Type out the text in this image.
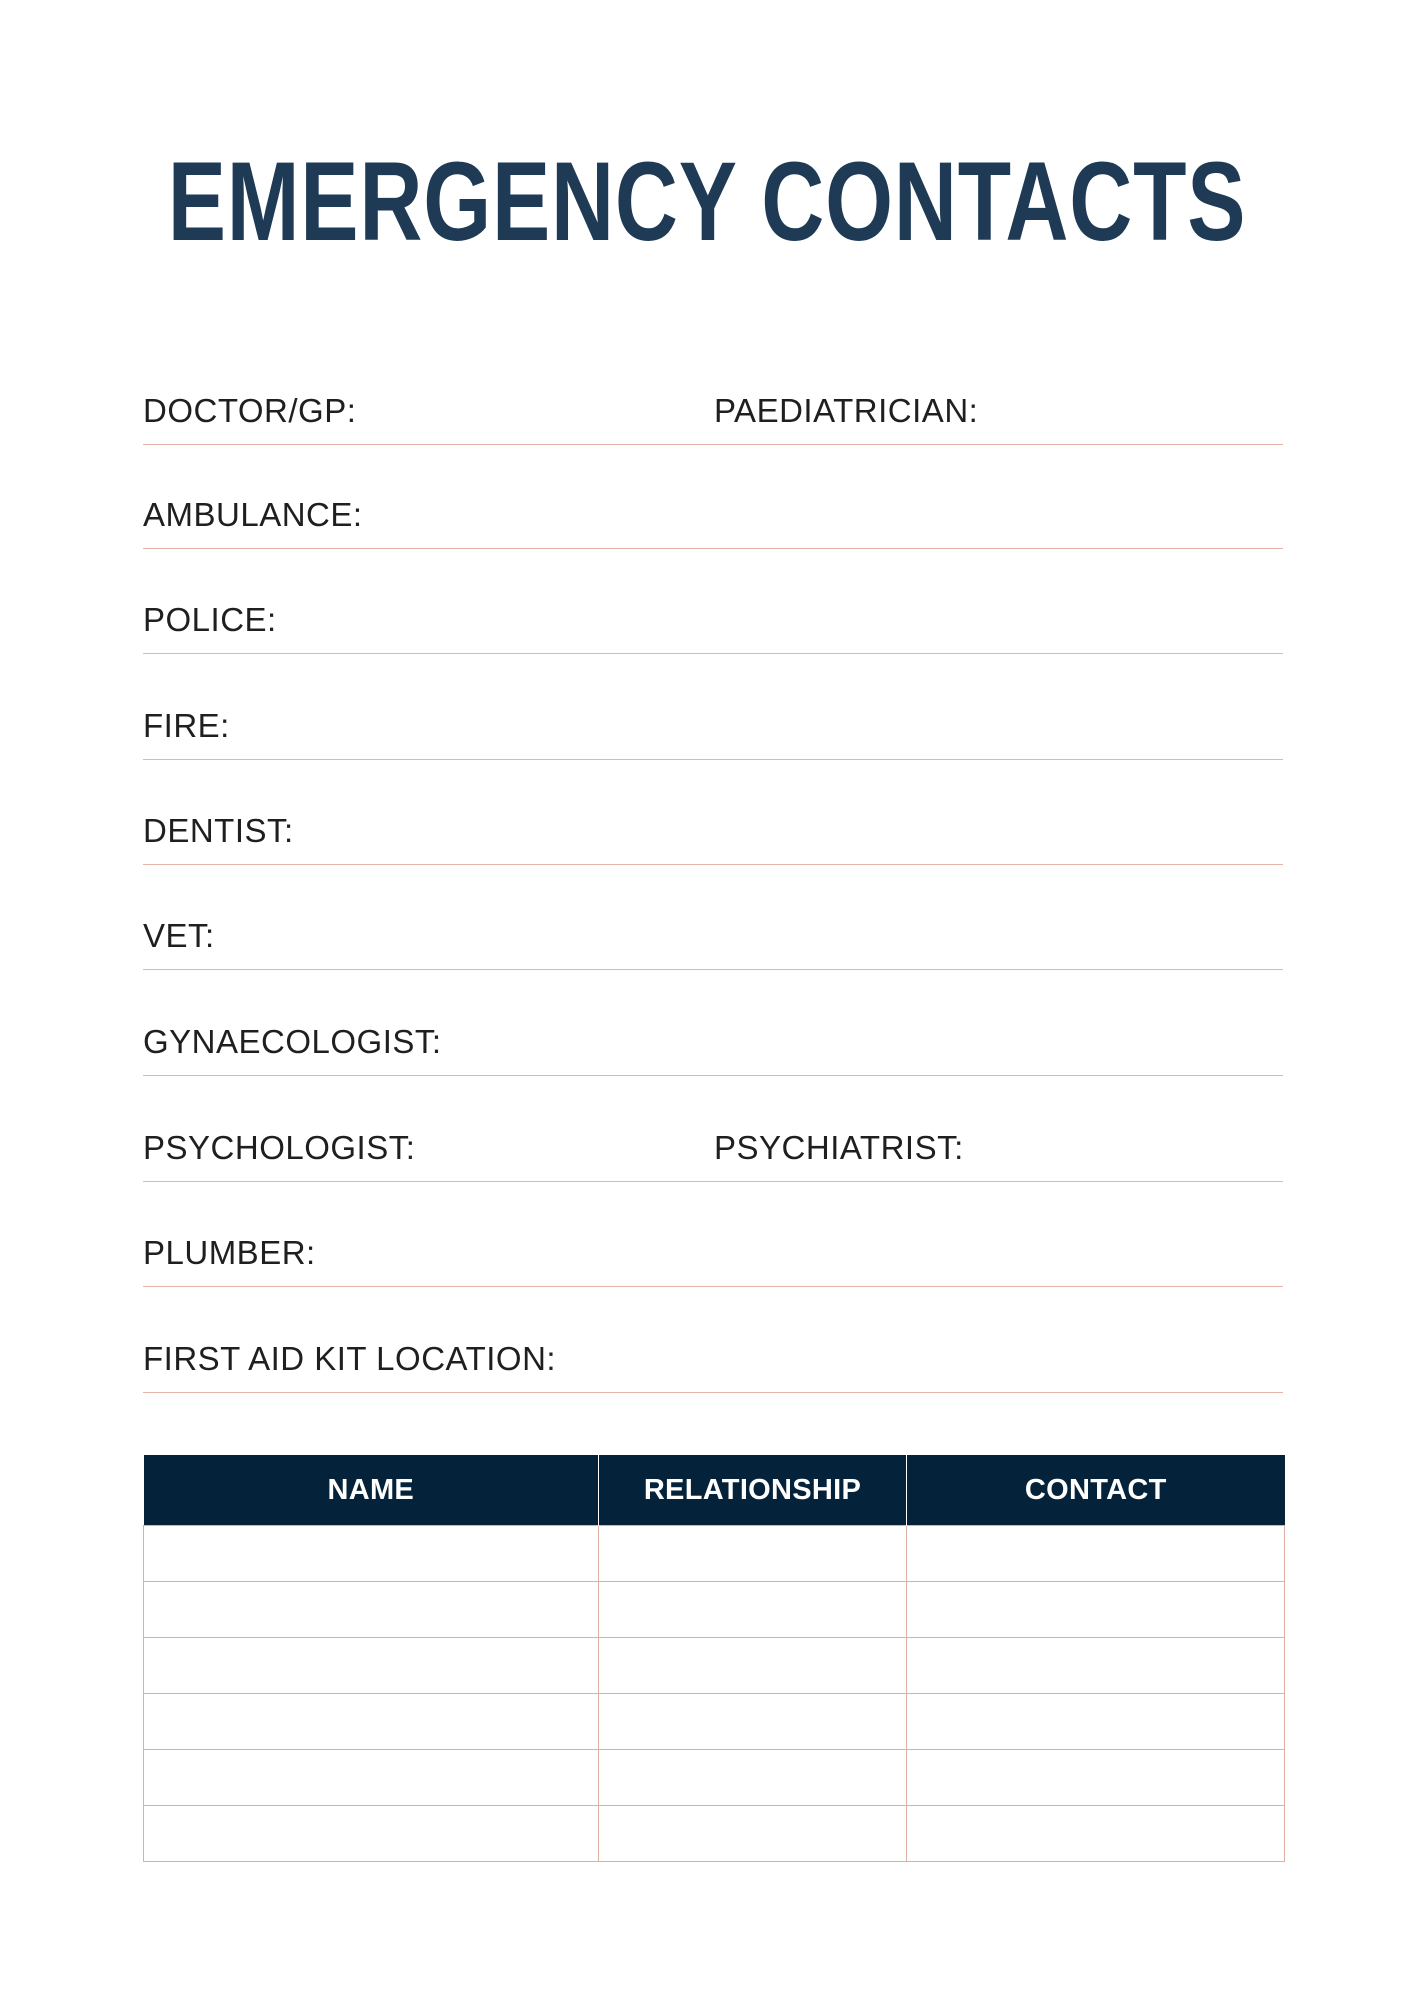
EMERGENCY CONTACTS
DOCTOR/GP:	PAEDIATRICIAN:
AMBULANCE:
POLICE:
FIRE:
DENTIST:
VET:
GYNAECOLOGIST:
PSYCHOLOGIST:	PSYCHIATRIST:
PLUMBER:
FIRST AID KIT LOCATION:
NAME	RELATIONSHIP	CONTACT
